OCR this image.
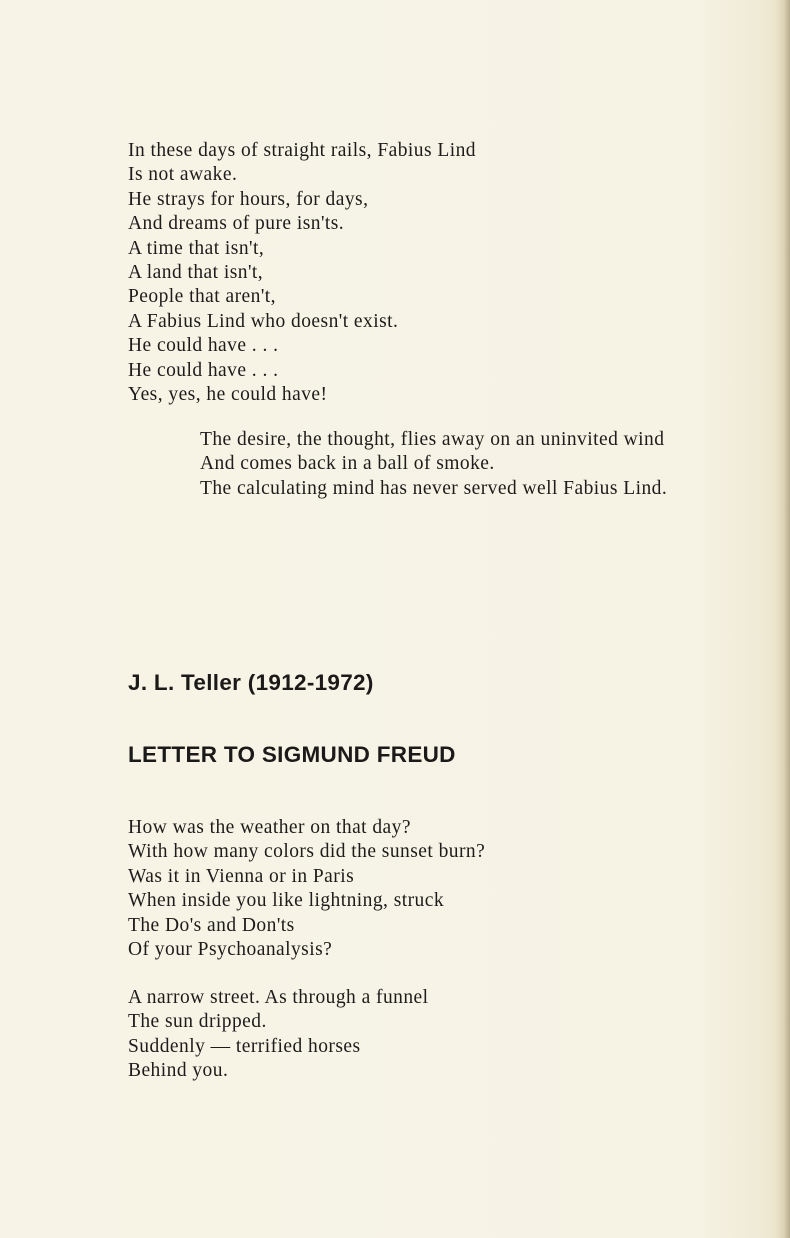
In these days of straight rails, Fabius Lind
Is not awake.
He strays for hours, for days,
And dreams of pure isn'ts.
A time that isn't,
A land that isn't,
People that aren't,
A Fabius Lind who doesn't exist.
He could have . . .
He could have . . .
Yes, yes, he could have!
The desire, the thought, flies away on an uninvited wind
And comes back in a ball of smoke.
The calculating mind has never served well Fabius Lind.
J. L. Teller (1912-1972)
LETTER TO SIGMUND FREUD
How was the weather on that day?
With how many colors did the sunset burn?
Was it in Vienna or in Paris
When inside you like lightning, struck
The Do's and Don'ts
Of your Psychoanalysis?
A narrow street. As through a funnel
The sun dripped.
Suddenly — terrified horses
Behind you.
